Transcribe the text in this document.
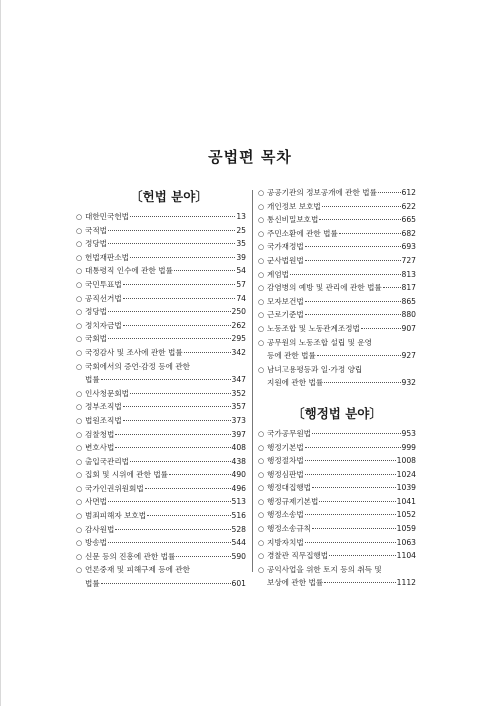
공법편 목차
〔헌법 분야〕
○ 대한민국헌법	13
○ 국적법	25
○ 정당법	35
○ 헌법재판소법	39
○ 대통령직 인수에 관한 법률	54
○ 국민투표법	57
○ 공직선거법	74
○ 정당법	250
○ 정치자금법	262
○ 국회법	295
○ 국정감사 및 조사에 관한 법률	342
○ 국회에서의 증언·감정 등에 관한
법률	347
○ 인사청문회법	352
○ 정부조직법	357
○ 법원조직법	373
○ 검찰청법	397
○ 변호사법	408
○ 출입국관리법	438
○ 집회 및 시위에 관한 법률	490
○ 국가인권위원회법	496
○ 사면법	513
○ 범죄피해자 보호법	516
○ 감사원법	528
○ 방송법	544
○ 신문 등의 진흥에 관한 법률	590
○ 언론중재 및 피해구제 등에 관한
법률	601
○ 공공기관의 정보공개에 관한 법률	612
○ 개인정보 보호법	622
○ 통신비밀보호법	665
○ 주민소환에 관한 법률	682
○ 국가재정법	693
○ 군사법원법	727
○ 계엄법	813
○ 감염병의 예방 및 관리에 관한 법률	817
○ 모자보건법	865
○ 근로기준법	880
○ 노동조합 및 노동관계조정법	907
○ 공무원의 노동조합 설립 및 운영
등에 관한 법률	927
○ 남녀고용평등과 일·가정 양립
지원에 관한 법률	932
〔행정법 분야〕
○ 국가공무원법	953
○ 행정기본법	999
○ 행정절차법	1008
○ 행정심판법	1024
○ 행정대집행법	1039
○ 행정규제기본법	1041
○ 행정소송법	1052
○ 행정소송규칙	1059
○ 지방자치법	1063
○ 경찰관 직무집행법	1104
○ 공익사업을 위한 토지 등의 취득 및
보상에 관한 법률	1112
